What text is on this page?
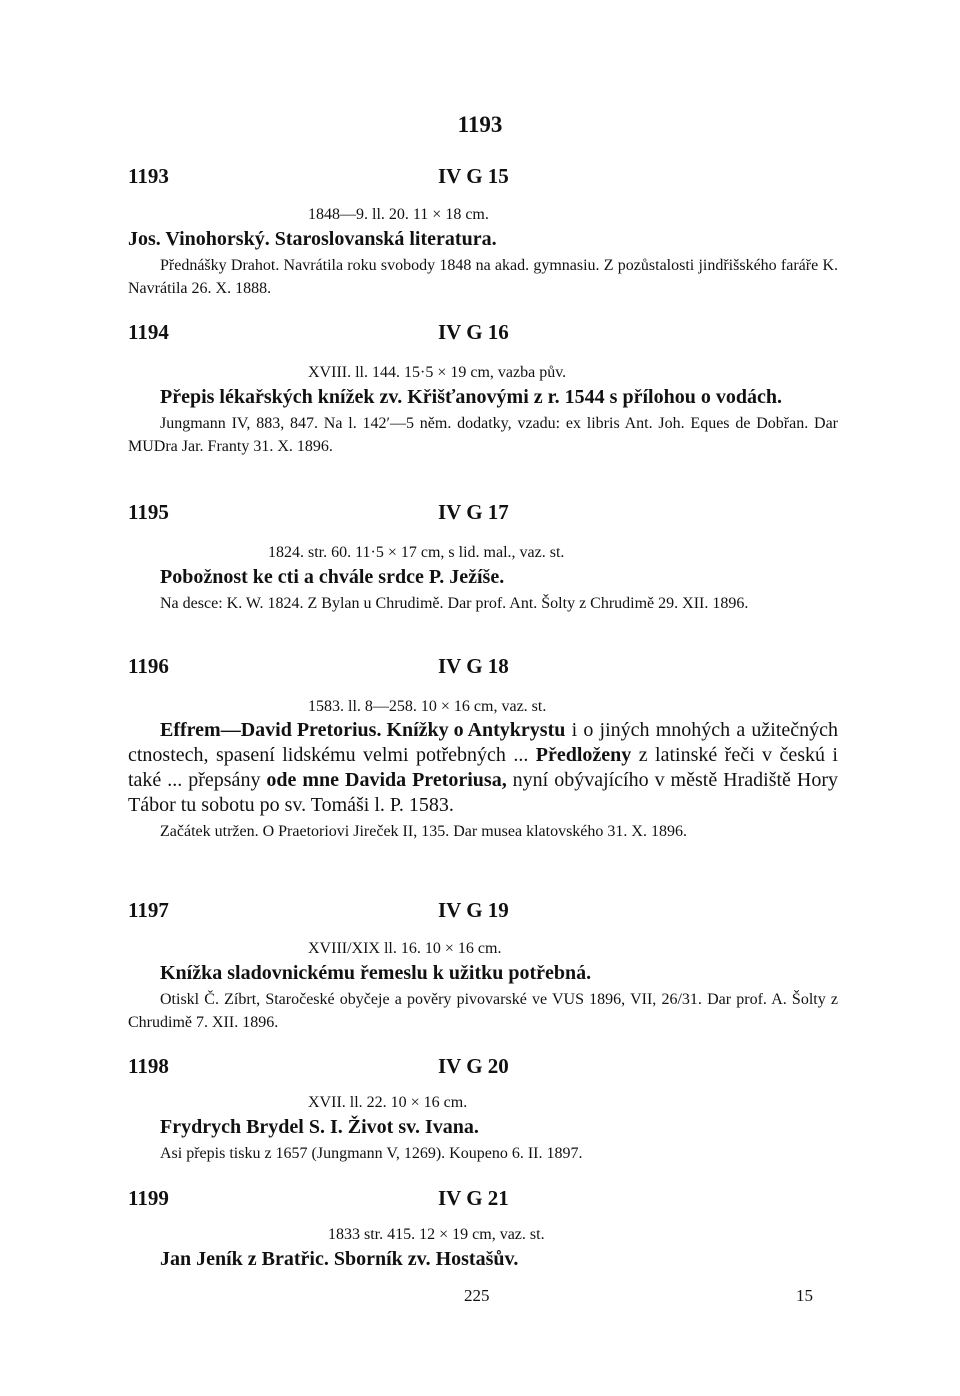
1193
1193	IV G 15
1848—9. ll. 20. 11 × 18 cm.
Jos. Vinohorský. Staroslovanská literatura.
Přednášky Drahot. Navrátila roku svobody 1848 na akad. gymnasiu. Z pozůstalosti jindřišského faráře K. Navrátila 26. X. 1888.
1194	IV G 16
XVIII. ll. 144. 15·5 × 19 cm, vazba pův.
Přepis lékařských knížek zv. Křišťanovými z r. 1544 s přílohou o vodách.
Jungmann IV, 883, 847. Na l. 142′—5 něm. dodatky, vzadu: ex libris Ant. Joh. Eques de Dobřan. Dar MUDra Jar. Franty 31. X. 1896.
1195	IV G 17
1824. str. 60. 11·5 × 17 cm, s lid. mal., vaz. st.
Pobožnost ke cti a chvále srdce P. Ježíše.
Na desce: K. W. 1824. Z Bylan u Chrudimě. Dar prof. Ant. Šolty z Chrudimě 29. XII. 1896.
1196	IV G 18
1583. ll. 8—258. 10 × 16 cm, vaz. st.
Effrem—David Pretorius. Knížky o Antykrystu i o jiných mnohých a užitečných ctnostech, spasení lidskému velmi potřebných ... Předloženy z latinské řeči v českú i také ... přepsány ode mne Davida Pretoriusa, nyní obývajícího v městě Hradiště Hory Tábor tu sobotu po sv. Tomáši l. P. 1583.
Začátek utržen. O Praetoriovi Jireček II, 135. Dar musea klatovského 31. X. 1896.
1197	IV G 19
XVIII/XIX ll. 16. 10 × 16 cm.
Knížka sladovnickému řemeslu k užitku potřebná.
Otiskl Č. Zíbrt, Staročeské obyčeje a pověry pivovarské ve VUS 1896, VII, 26/31. Dar prof. A. Šolty z Chrudimě 7. XII. 1896.
1198	IV G 20
XVII. ll. 22. 10 × 16 cm.
Frydrych Brydel S. I. Život sv. Ivana.
Asi přepis tisku z 1657 (Jungmann V, 1269). Koupeno 6. II. 1897.
1199	IV G 21
1833 str. 415. 12 × 19 cm, vaz. st.
Jan Jeník z Bratřic. Sborník zv. Hostašův.
225	15
